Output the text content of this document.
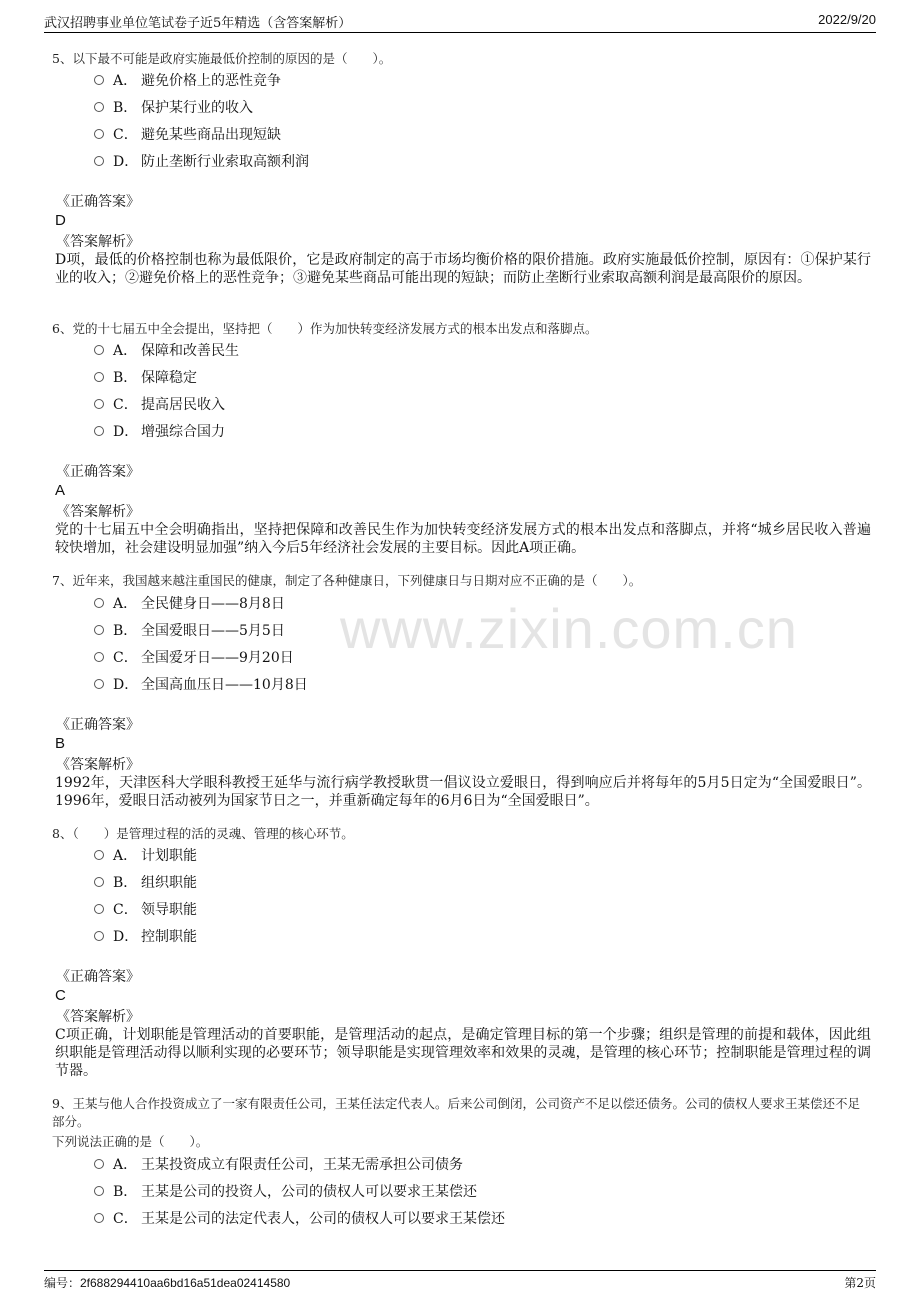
武汉招聘事业单位笔试卷子近5年精选（含答案解析）	2022/9/20
www.zixin.com.cn
5、以下最不可能是政府实施最低价控制的原因的是（　　）。
A． 避免价格上的恶性竞争
B． 保护某行业的收入
C． 避免某些商品出现短缺
D． 防止垄断行业索取高额利润
《正确答案》
D
《答案解析》
D项，最低的价格控制也称为最低限价，它是政府制定的高于市场均衡价格的限价措施。政府实施最低价控制，原因有：①保护某行业的收入；②避免价格上的恶性竞争；③避免某些商品可能出现的短缺；而防止垄断行业索取高额利润是最高限价的原因。
6、党的十七届五中全会提出，坚持把（　　）作为加快转变经济发展方式的根本出发点和落脚点。
A． 保障和改善民生
B． 保障稳定
C． 提高居民收入
D． 增强综合国力
《正确答案》
A
《答案解析》
党的十七届五中全会明确指出，坚持把保障和改善民生作为加快转变经济发展方式的根本出发点和落脚点，并将“城乡居民收入普遍较快增加，社会建设明显加强”纳入今后5年经济社会发展的主要目标。因此A项正确。
7、近年来，我国越来越注重国民的健康，制定了各种健康日，下列健康日与日期对应不正确的是（　　）。
A． 全民健身日——8月8日
B． 全国爱眼日——5月5日
C． 全国爱牙日——9月20日
D． 全国高血压日——10月8日
《正确答案》
B
《答案解析》
1992年，天津医科大学眼科教授王延华与流行病学教授耿贯一倡议设立爱眼日，得到响应后并将每年的5月5日定为“全国爱眼日”。1996年，爱眼日活动被列为国家节日之一，并重新确定每年的6月6日为“全国爱眼日”。
8、（　　）是管理过程的活的灵魂、管理的核心环节。
A． 计划职能
B． 组织职能
C． 领导职能
D． 控制职能
《正确答案》
C
《答案解析》
C项正确，计划职能是管理活动的首要职能，是管理活动的起点，是确定管理目标的第一个步骤；组织是管理的前提和载体，因此组织职能是管理活动得以顺利实现的必要环节；领导职能是实现管理效率和效果的灵魂，是管理的核心环节；控制职能是管理过程的调节器。
9、王某与他人合作投资成立了一家有限责任公司，王某任法定代表人。后来公司倒闭，公司资产不足以偿还债务。公司的债权人要求王某偿还不足部分。
下列说法正确的是（　　）。
A． 王某投资成立有限责任公司，王某无需承担公司债务
B． 王某是公司的投资人，公司的债权人可以要求王某偿还
C． 王某是公司的法定代表人，公司的债权人可以要求王某偿还
编号：2f688294410aa6bd16a51dea02414580	第2页
